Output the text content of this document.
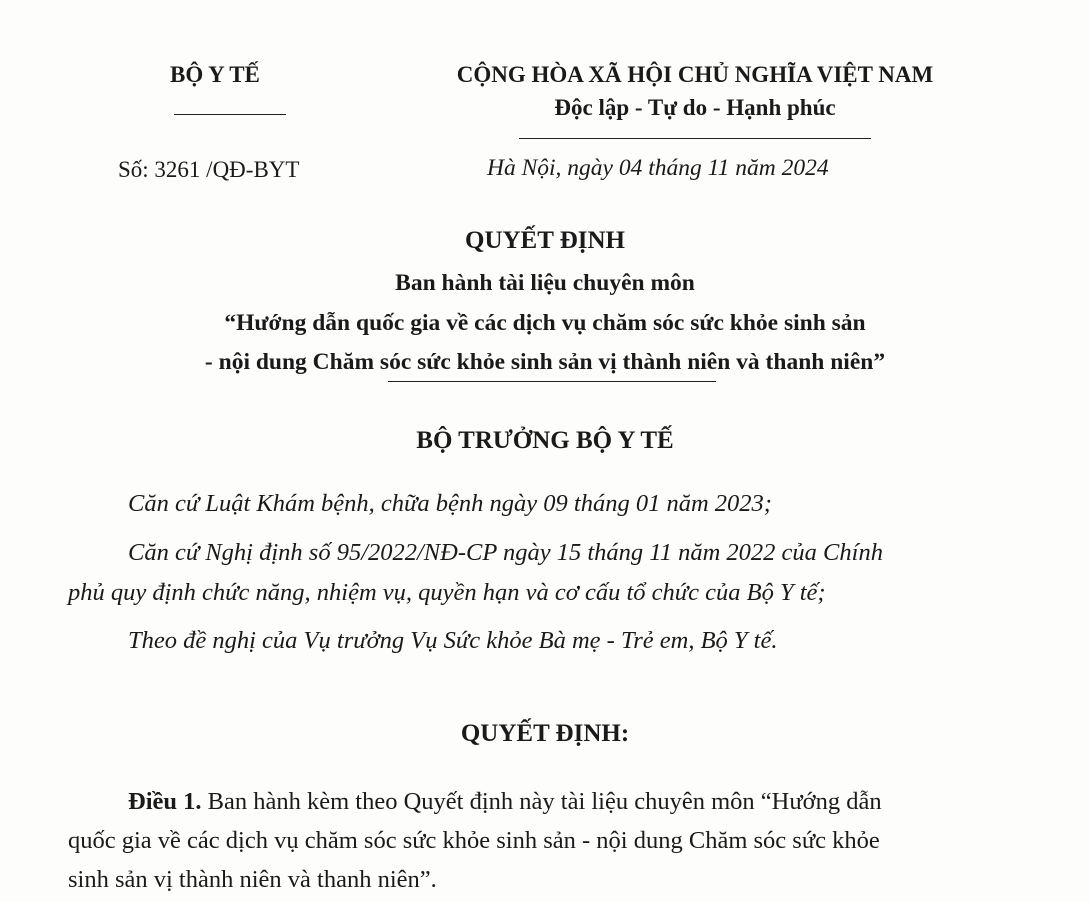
BỘ Y TẾ	CỘNG HÒA XÃ HỘI CHỦ NGHĨA VIỆT NAM
Độc lập - Tự do - Hạnh phúc
Số: 3261 /QĐ-BYT	Hà Nội, ngày 04 tháng 11 năm 2024
QUYẾT ĐỊNH
Ban hành tài liệu chuyên môn
“Hướng dẫn quốc gia về các dịch vụ chăm sóc sức khỏe sinh sản
- nội dung Chăm sóc sức khỏe sinh sản vị thành niên và thanh niên”
BỘ TRƯỞNG BỘ Y TẾ
Căn cứ Luật Khám bệnh, chữa bệnh ngày 09 tháng 01 năm 2023;
Căn cứ Nghị định số 95/2022/NĐ-CP ngày 15 tháng 11 năm 2022 của Chính
phủ quy định chức năng, nhiệm vụ, quyền hạn và cơ cấu tổ chức của Bộ Y tế;
Theo đề nghị của Vụ trưởng Vụ Sức khỏe Bà mẹ - Trẻ em, Bộ Y tế.
QUYẾT ĐỊNH:
Điều 1. Ban hành kèm theo Quyết định này tài liệu chuyên môn “Hướng dẫn
quốc gia về các dịch vụ chăm sóc sức khỏe sinh sản - nội dung Chăm sóc sức khỏe
sinh sản vị thành niên và thanh niên”.
